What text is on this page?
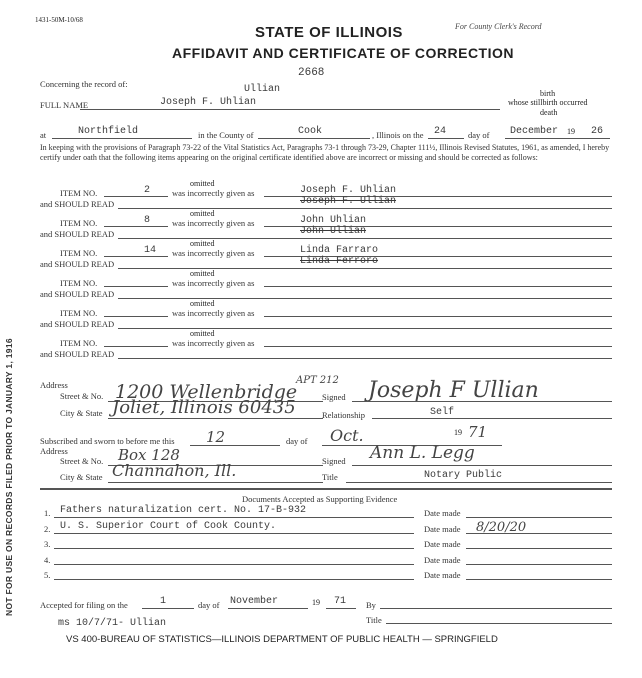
NOT FOR USE ON RECORDS FILED PRIOR TO JANUARY 1, 1916
1431-50M-10/68
For County Clerk's Record
STATE OF ILLINOIS
AFFIDAVIT AND CERTIFICATE OF CORRECTION
2668
Concerning the record of:	Ullian	birth
FULL NAME	Joseph F. Uhlian	whose stillbirth occurred
death
at	Northfield	in the County of	Cook	, Illinois on the 24	day of December 19 26
In keeping with the provisions of Paragraph 73-22 of the Vital Statistics Act, Paragraphs 73-1 through 73-29, Chapter 111½, Illinois Revised Statutes, 1961, as amended, I hereby certify under oath that the following items appearing on the original certificate identified above are incorrect or missing and should be corrected as follows:
omitted
ITEM NO.	2	was incorrectly given as	Joseph F. Uhlian
and SHOULD READ	Joseph F. Ullian
omitted
ITEM NO.	8	was incorrectly given as	John Uhlian
and SHOULD READ	John Ullian
omitted
ITEM NO.	14 was incorrectly given as	Linda Farraro
and SHOULD READ	Linda Ferroro
omitted
ITEM NO.	was incorrectly given as
and SHOULD READ
omitted
ITEM NO.	was incorrectly given as
and SHOULD READ
omitted
ITEM NO.	was incorrectly given as
and SHOULD READ
Address
Street & No. 1200 Wellenbridge
APT 212
Signed Joseph F Ullian
City & State Joliet, Illinois 60435	Relationship	Self
Subscribed and sworn to before me this 12	day of Oct.	19 71
Address
Street & No. Box 128	Signed Ann L. Legg
City & State Channahon, Ill.	Title	Notary Public
Documents Accepted as Supporting Evidence
1. Fathers naturalization cert. No. 17-B-932	Date made
2. U. S. Superior Court of Cook County.	Date made 8/20/20
3.	Date made
4.	Date made
5.	Date made
Accepted for filing on the	1	day of November	19 71 By
Title
ms 10/7/71- Ullian
VS 400-BUREAU OF STATISTICS—ILLINOIS DEPARTMENT OF PUBLIC HEALTH — SPRINGFIELD
